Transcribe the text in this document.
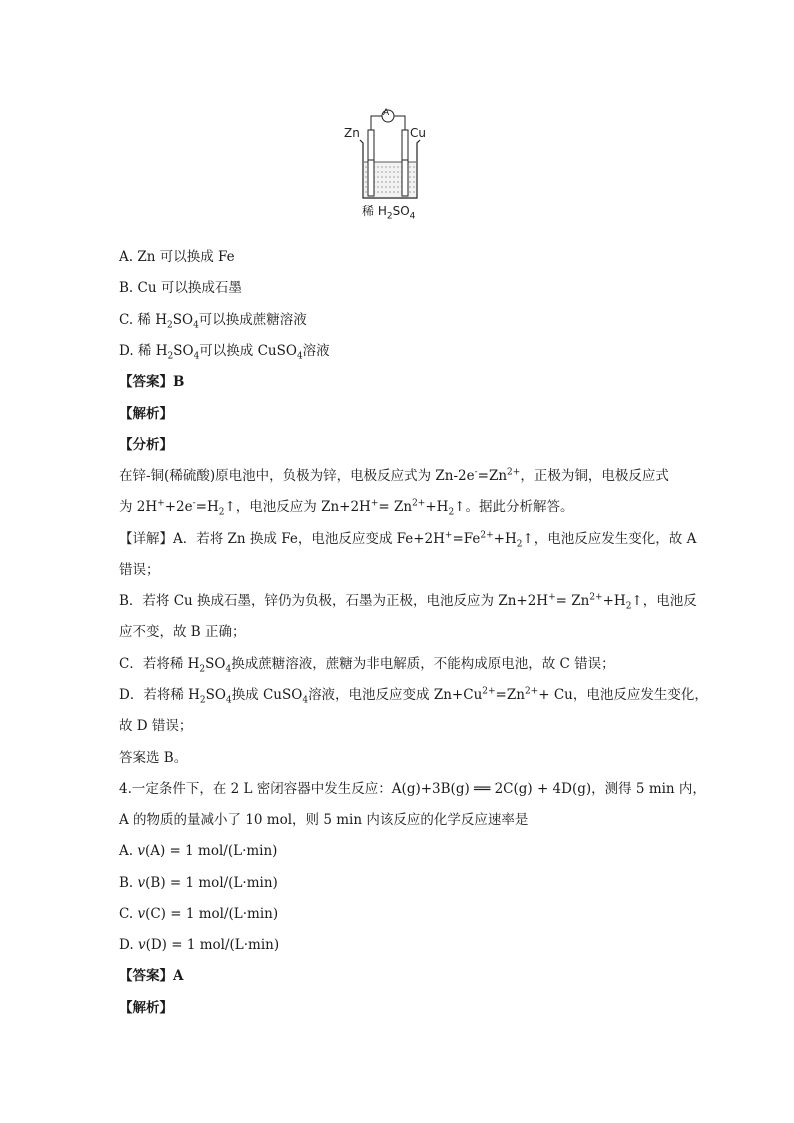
A
Zn	Cu
稀 $H_2SO_4$
A. Zn 可以换成 Fe
B. Cu 可以换成石墨
C. 稀 $H_2SO_4$可以换成蔗糖溶液
D. 稀 $H_2SO_4$可以换成 CuSO$_4$溶液
【答案】B
【解析】
【分析】
在锌-铜(稀硫酸)原电池中，负极为锌，电极反应式为 $Zn-2e^-=Zn^{2+}$，正极为铜，电极反应式
为 $2H^++2e^-=H_2↑$，电池反应为 $Zn+2H^+= Zn^{2+}+H_2↑$。据此分析解答。
【详解】A．若将 Zn 换成 Fe，电池反应变成 $Fe+2H^+=Fe^{2+}+H_2↑$，电池反应发生变化，故 A
错误；
B．若将 Cu 换成石墨，锌仍为负极，石墨为正极，电池反应为 $Zn+2H^+= Zn^{2+}+H_2↑$，电池反
应不变，故 B 正确；
C．若将稀 $H_2SO_4$换成蔗糖溶液，蔗糖为非电解质，不能构成原电池，故 C 错误；
D．若将稀 $H_2SO_4$换成 CuSO$_4$溶液，电池反应变成 $Zn+Cu^{2+}=Zn^{2+}+ Cu$，电池反应发生变化，
故 D 错误；
答案选 B。
4.一定条件下，在 2 L 密闭容器中发生反应：A(g)+3B(g) ══ 2C(g) + 4D(g)，测得 5 min 内，
A 的物质的量减小了 10 mol，则 5 min 内该反应的化学反应速率是
A. v(A) = 1 mol/(L·min)
B. v(B) = 1 mol/(L·min)
C. v(C) = 1 mol/(L·min)
D. v(D) = 1 mol/(L·min)
【答案】A
【解析】
